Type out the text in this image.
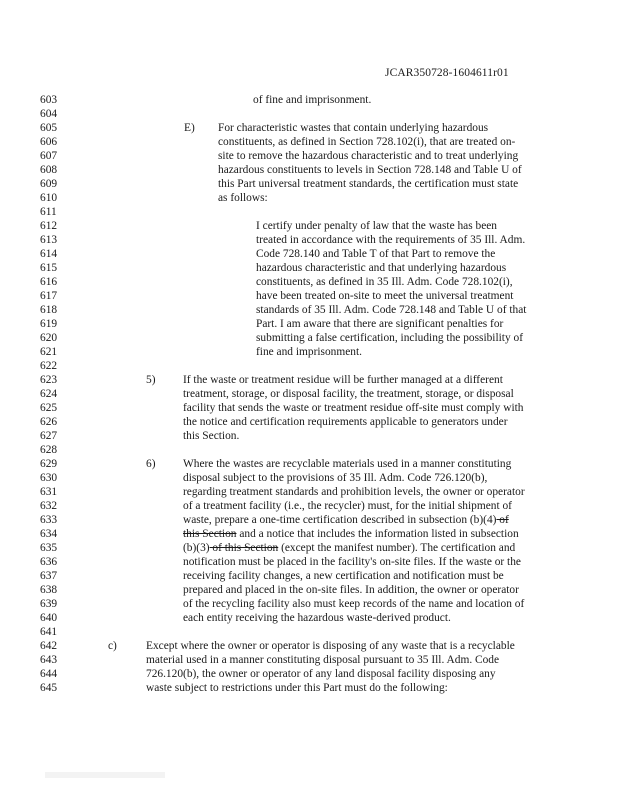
JCAR350728-1604611r01
603
604
605
606
607
608
609
610
611
612
613
614
615
616
617
618
619
620
621
622
623
624
625
626
627
628
629
630
631
632
633
634
635
636
637
638
639
640
641
642
643
644
645
of fine and imprisonment.
E) For characteristic wastes that contain underlying hazardous
constituents, as defined in Section 728.102(i), that are treated on-
site to remove the hazardous characteristic and to treat underlying
hazardous constituents to levels in Section 728.148 and Table U of
this Part universal treatment standards, the certification must state
as follows:
I certify under penalty of law that the waste has been
treated in accordance with the requirements of 35 Ill. Adm.
Code 728.140 and Table T of that Part to remove the
hazardous characteristic and that underlying hazardous
constituents, as defined in 35 Ill. Adm. Code 728.102(i),
have been treated on-site to meet the universal treatment
standards of 35 Ill. Adm. Code 728.148 and Table U of that
Part. I am aware that there are significant penalties for
submitting a false certification, including the possibility of
fine and imprisonment.
5) If the waste or treatment residue will be further managed at a different
treatment, storage, or disposal facility, the treatment, storage, or disposal
facility that sends the waste or treatment residue off-site must comply with
the notice and certification requirements applicable to generators under
this Section.
6) Where the wastes are recyclable materials used in a manner constituting
disposal subject to the provisions of 35 Ill. Adm. Code 726.120(b),
regarding treatment standards and prohibition levels, the owner or operator
of a treatment facility (i.e., the recycler) must, for the initial shipment of
waste, prepare a one-time certification described in subsection (b)(4) of
this Section and a notice that includes the information listed in subsection
(b)(3) of this Section (except the manifest number). The certification and
notification must be placed in the facility's on-site files. If the waste or the
receiving facility changes, a new certification and notification must be
prepared and placed in the on-site files. In addition, the owner or operator
of the recycling facility also must keep records of the name and location of
each entity receiving the hazardous waste-derived product.
c)	Except where the owner or operator is disposing of any waste that is a recyclable
material used in a manner constituting disposal pursuant to 35 Ill. Adm. Code
726.120(b), the owner or operator of any land disposal facility disposing any
waste subject to restrictions under this Part must do the following:
